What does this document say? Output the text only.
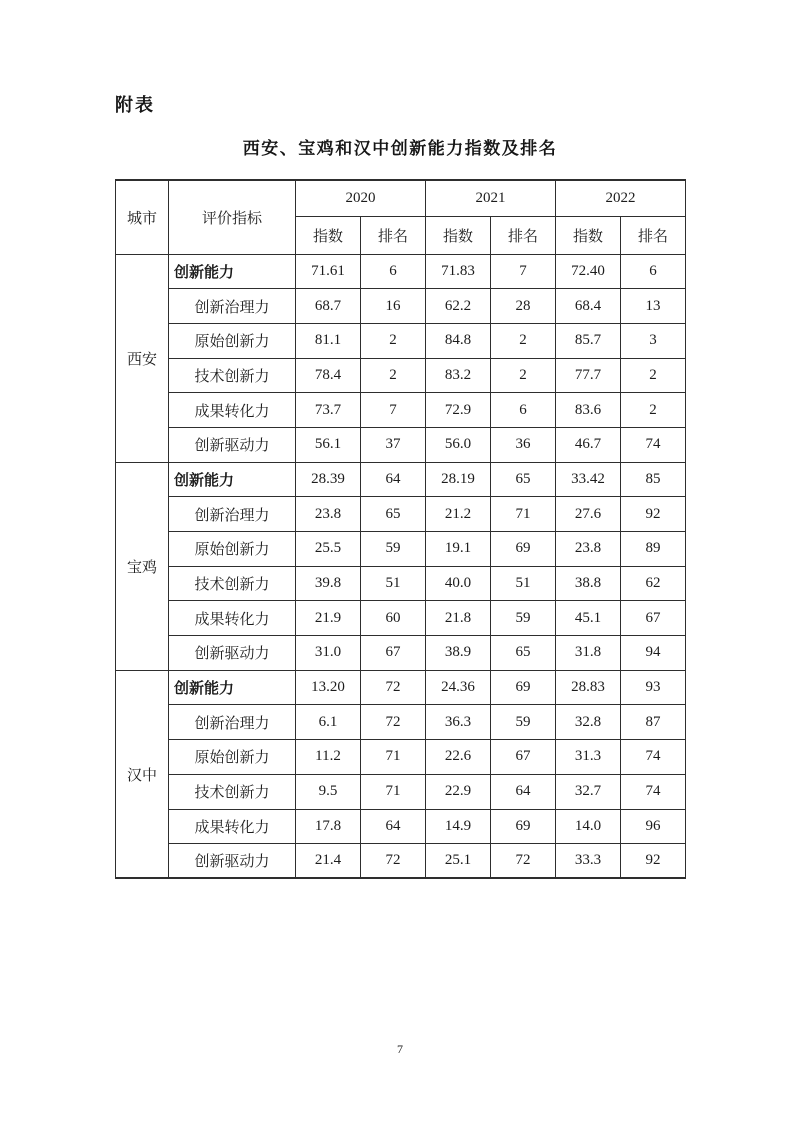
附表
西安、宝鸡和汉中创新能力指数及排名
城市	评价指标	2020		2021		2022	
		指数	排名	指数	排名	指数	排名
西安	创新能力	71.61	6	71.83	7	72.40	6
	创新治理力	68.7	16	62.2	28	68.4	13
	原始创新力	81.1	2	84.8	2	85.7	3
	技术创新力	78.4	2	83.2	2	77.7	2
	成果转化力	73.7	7	72.9	6	83.6	2
	创新驱动力	56.1	37	56.0	36	46.7	74
宝鸡	创新能力	28.39	64	28.19	65	33.42	85
	创新治理力	23.8	65	21.2	71	27.6	92
	原始创新力	25.5	59	19.1	69	23.8	89
	技术创新力	39.8	51	40.0	51	38.8	62
	成果转化力	21.9	60	21.8	59	45.1	67
	创新驱动力	31.0	67	38.9	65	31.8	94
汉中	创新能力	13.20	72	24.36	69	28.83	93
	创新治理力	6.1	72	36.3	59	32.8	87
	原始创新力	11.2	71	22.6	67	31.3	74
	技术创新力	9.5	71	22.9	64	32.7	74
	成果转化力	17.8	64	14.9	69	14.0	96
	创新驱动力	21.4	72	25.1	72	33.3	92
7
